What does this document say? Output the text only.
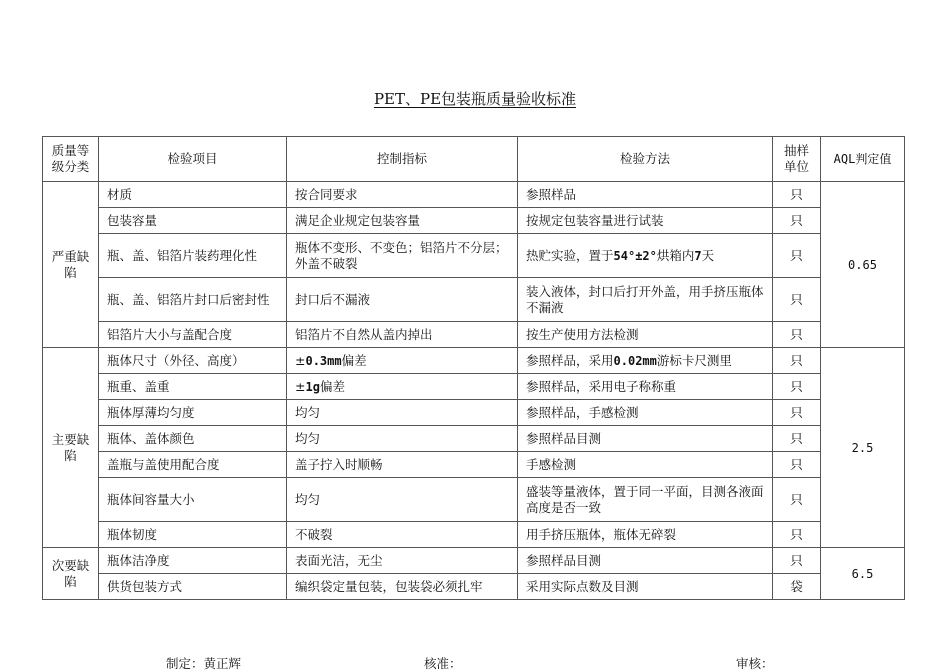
PET、PE包装瓶质量验收标准
质量等级分类	检验项目	控制指标	检验方法	抽样单位	AQL判定值
严重缺陷	材质	按合同要求	参照样品	只	0.65
	包装容量	满足企业规定包装容量	按规定包装容量进行试装	只	
	瓶、盖、铝箔片装药理化性	瓶体不变形、不变色；铝箔片不分层；外盖不破裂	热贮实验，置于54°±2°烘箱内7天	只	
	瓶、盖、铝箔片封口后密封性	封口后不漏液	装入液体，封口后打开外盖，用手挤压瓶体不漏液	只	
	铝箔片大小与盖配合度	铝箔片不自然从盖内掉出	按生产使用方法检测	只	
主要缺陷	瓶体尺寸（外径、高度）	±0.3mm偏差	参照样品，采用0.02mm游标卡尺测里	只	2.5
	瓶重、盖重	±1g偏差	参照样品，采用电子称称重	只	
	瓶体厚薄均匀度	均匀	参照样品，手感检测	只	
	瓶体、盖体颜色	均匀	参照样品目测	只	
	盖瓶与盖使用配合度	盖子拧入时顺畅	手感检测	只	
	瓶体间容量大小	均匀	盛装等量液体，置于同一平面，目测各液面高度是否一致	只	
	瓶体韧度	不破裂	用手挤压瓶体，瓶体无碎裂	只	
次要缺陷	瓶体洁净度	表面光洁，无尘	参照样品目测	只	6.5
	供货包装方式	编织袋定量包装，包装袋必须扎牢	采用实际点数及目测	袋	
制定：黄正辉	核准：	审核：
